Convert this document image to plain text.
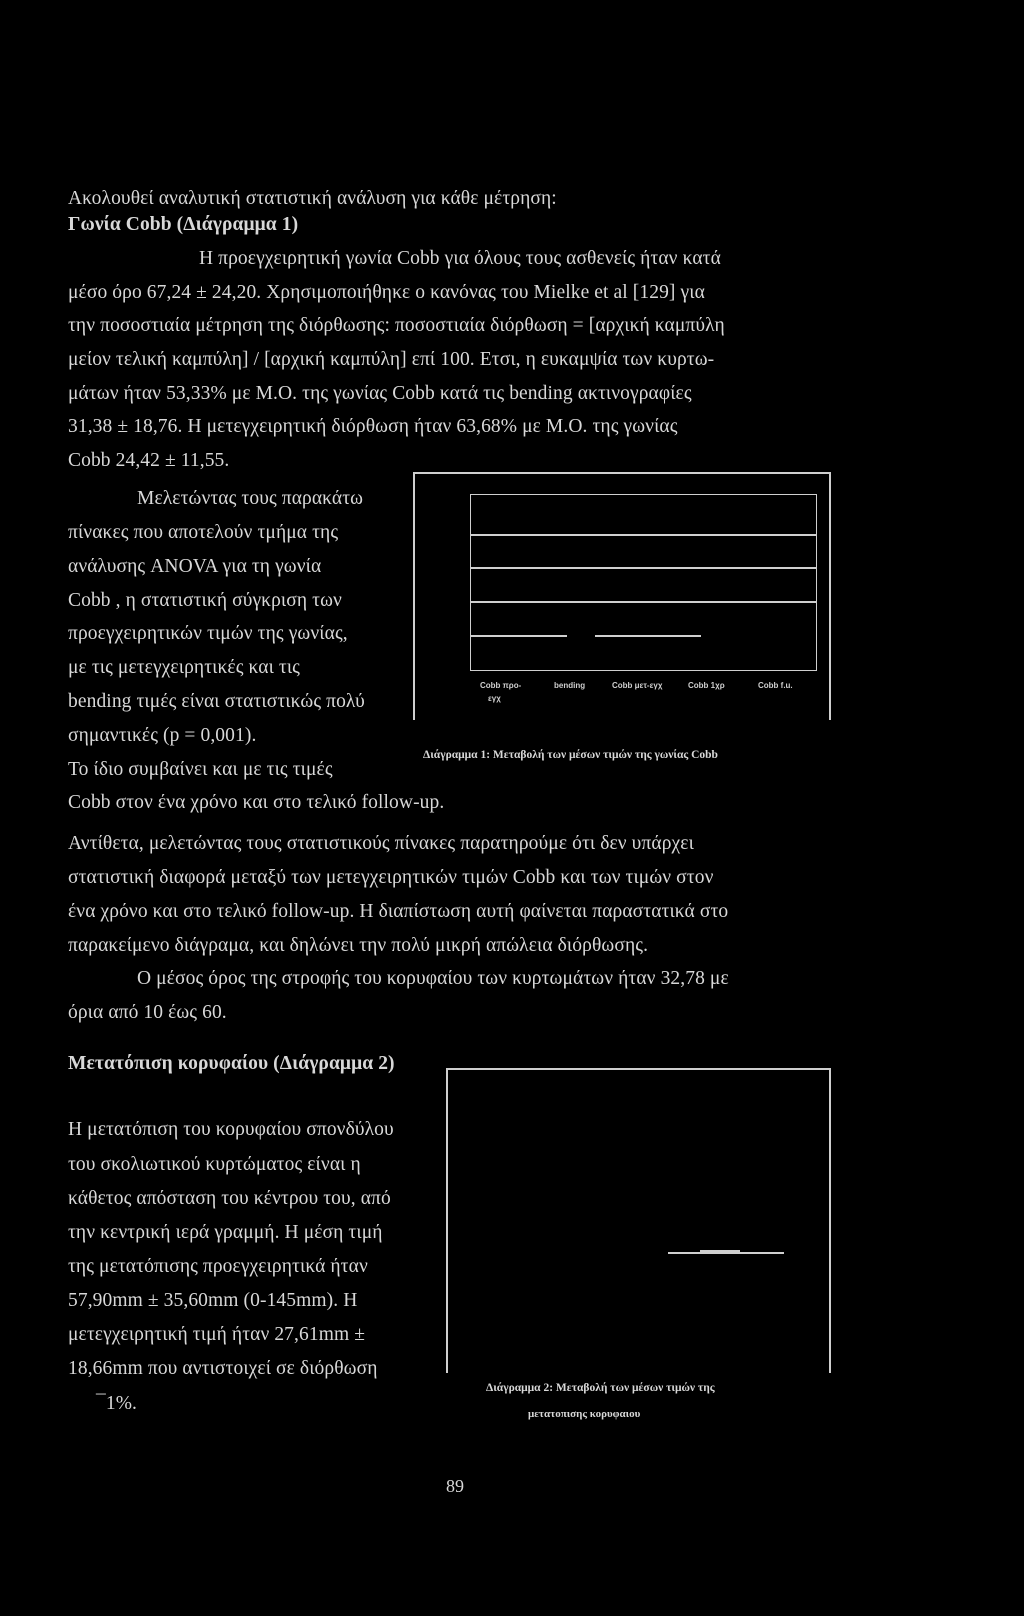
Ακολουθεί αναλυτική στατιστική ανάλυση για κάθε μέτρηση:
Γωνία Cobb (Διάγραμμα 1)
Η προεγχειρητική γωνία Cobb για όλους τους ασθενείς ήταν κατά
μέσο όρο 67,24 ± 24,20. Χρησιμοποιήθηκε ο κανόνας του Mielke et al [129] για
την ποσοστιαία μέτρηση της διόρθωσης: ποσοστιαία διόρθωση = [αρχική καμπύλη
μείον τελική καμπύλη] / [αρχική καμπύλη] επί 100. Ετσι, η ευκαμψία των κυρτω-
μάτων ήταν 53,33% με Μ.Ο. της γωνίας Cobb κατά τις bending ακτινογραφίες
31,38 ± 18,76. Η μετεγχειρητική διόρθωση ήταν 63,68% με Μ.Ο. της γωνίας
Cobb 24,42 ± 11,55.
Μελετώντας τους παρακάτω
πίνακες που αποτελούν τμήμα της
ανάλυσης ANOVA για τη γωνία
Cobb , η στατιστική σύγκριση των
προεγχειρητικών τιμών της γωνίας,
με τις μετεγχειρητικές και τις
bending τιμές είναι στατιστικώς πολύ
σημαντικές (p = 0,001).
Το ίδιο συμβαίνει και με τις τιμές
Cobb στον ένα χρόνο και στο τελικό follow-up.
Cobb προ-
εγχ
bending	Cobb μετ-εγχ	Cobb 1χρ	Cobb f.u.
Διάγραμμα 1: Μεταβολή των μέσων τιμών της γωνίας Cobb
Αντίθετα, μελετώντας τους στατιστικούς πίνακες παρατηρούμε ότι δεν υπάρχει
στατιστική διαφορά μεταξύ των μετεγχειρητικών τιμών Cobb και των τιμών στον
ένα χρόνο και στο τελικό follow-up. Η διαπίστωση αυτή φαίνεται παραστατικά στο
παρακείμενο διάγραμα, και δηλώνει την πολύ μικρή απώλεια διόρθωσης.
Ο μέσος όρος της στροφής του κορυφαίου των κυρτωμάτων ήταν 32,78 με
όρια από 10 έως 60.
Μετατόπιση κορυφαίου (Διάγραμμα 2)
Η μετατόπιση του κορυφαίου σπονδύλου
του σκολιωτικού κυρτώματος είναι η
κάθετος απόσταση του κέντρου του, από
την κεντρική ιερά γραμμή. Η μέση τιμή
της μετατόπισης προεγχειρητικά ήταν
57,90mm ± 35,60mm (0-145mm). Η
μετεγχειρητική τιμή ήταν 27,61mm ±
18,66mm που αντιστοιχεί σε διόρθωση
¯1%.
Διάγραμμα 2: Μεταβολή των μέσων τιμών της
μετατοπισης κορυφαιου
89
